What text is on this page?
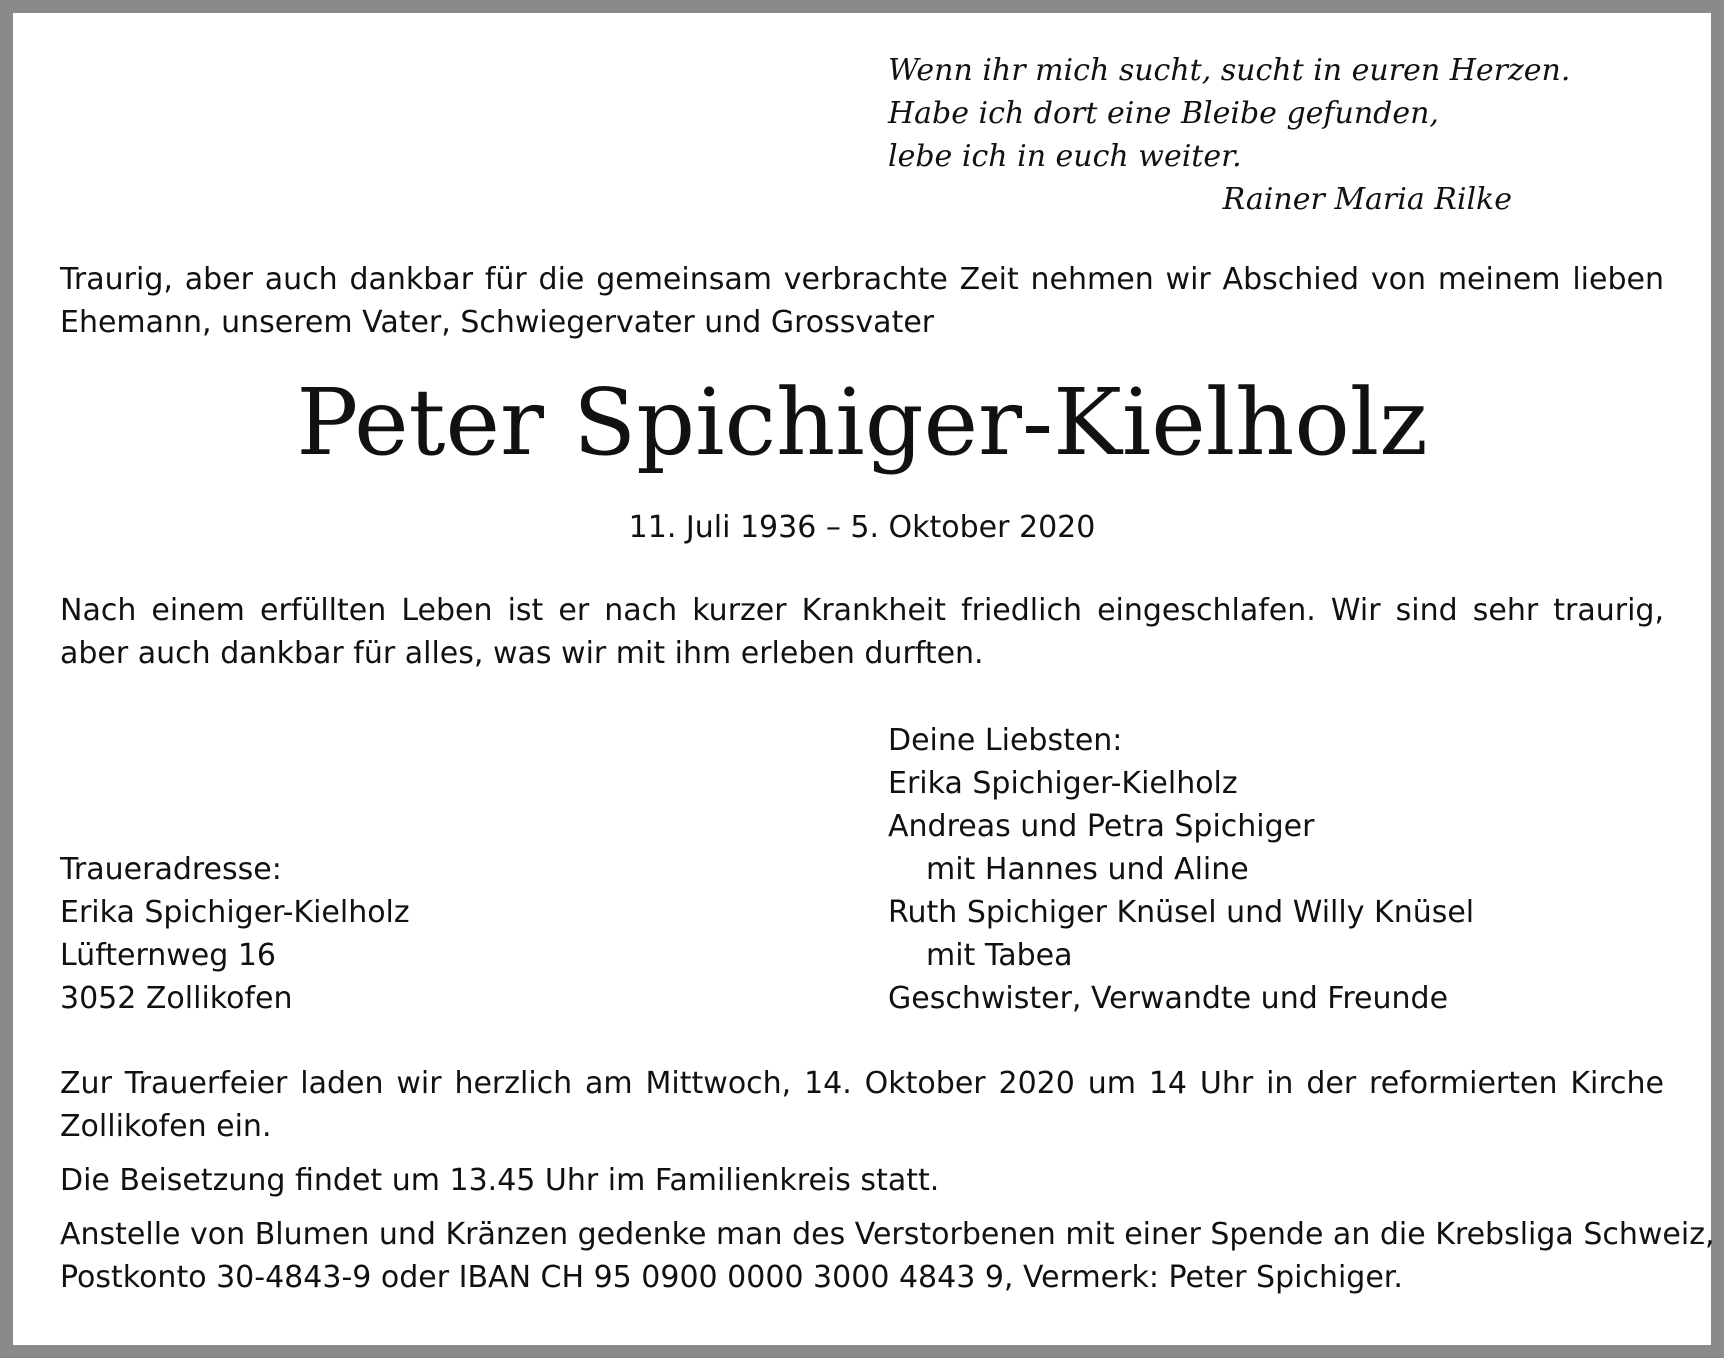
Wenn ihr mich sucht, sucht in euren Herzen.
Habe ich dort eine Bleibe gefunden,
lebe ich in euch weiter.
Rainer Maria Rilke
Traurig, aber auch dankbar für die gemeinsam verbrachte Zeit nehmen wir Abschied von meinem lieben Ehemann, unserem Vater, Schwiegervater und Grossvater
Peter Spichiger-Kielholz
11. Juli 1936 – 5. Oktober 2020
Nach einem erfüllten Leben ist er nach kurzer Krankheit friedlich eingeschlafen. Wir sind sehr traurig, aber auch dankbar für alles, was wir mit ihm erleben durften.
Deine Liebsten:
Erika Spichiger-Kielholz
Andreas und Petra Spichiger
mit Hannes und Aline
Ruth Spichiger Knüsel und Willy Knüsel
mit Tabea
Geschwister, Verwandte und Freunde
Traueradresse:
Erika Spichiger-Kielholz
Lüfternweg 16
3052 Zollikofen
Zur Trauerfeier laden wir herzlich am Mittwoch, 14. Oktober 2020 um 14 Uhr in der reformierten Kirche Zollikofen ein.
Die Beisetzung findet um 13.45 Uhr im Familienkreis statt.
Anstelle von Blumen und Kränzen gedenke man des Verstorbenen mit einer Spende an die Krebsliga Schweiz,
Postkonto 30-4843-9 oder IBAN CH 95 0900 0000 3000 4843 9, Vermerk: Peter Spichiger.
